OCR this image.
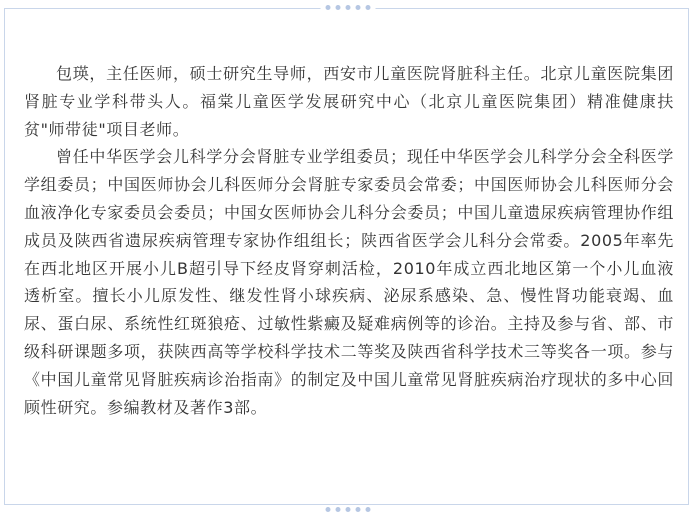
包瑛，主任医师，硕士研究生导师，西安市儿童医院肾脏科主任。北京儿童医院集团肾脏专业学科带头人。福棠儿童医学发展研究中心（北京儿童医院集团）精准健康扶贫"师带徒"项目老师。

曾任中华医学会儿科学分会肾脏专业学组委员；现任中华医学会儿科学分会全科医学学组委员；中国医师协会儿科医师分会肾脏专家委员会常委；中国医师协会儿科医师分会血液净化专家委员会委员；中国女医师协会儿科分会委员；中国儿童遗尿疾病管理协作组成员及陕西省遗尿疾病管理专家协作组组长；陕西省医学会儿科分会常委。2005年率先在西北地区开展小儿B超引导下经皮肾穿刺活检，2010年成立西北地区第一个小儿血液透析室。擅长小儿原发性、继发性肾小球疾病、泌尿系感染、急、慢性肾功能衰竭、血尿、蛋白尿、系统性红斑狼疮、过敏性紫癜及疑难病例等的诊治。主持及参与省、部、市级科研课题多项，获陕西高等学校科学技术二等奖及陕西省科学技术三等奖各一项。参与《中国儿童常见肾脏疾病诊治指南》的制定及中国儿童常见肾脏疾病治疗现状的多中心回顾性研究。参编教材及著作3部。
